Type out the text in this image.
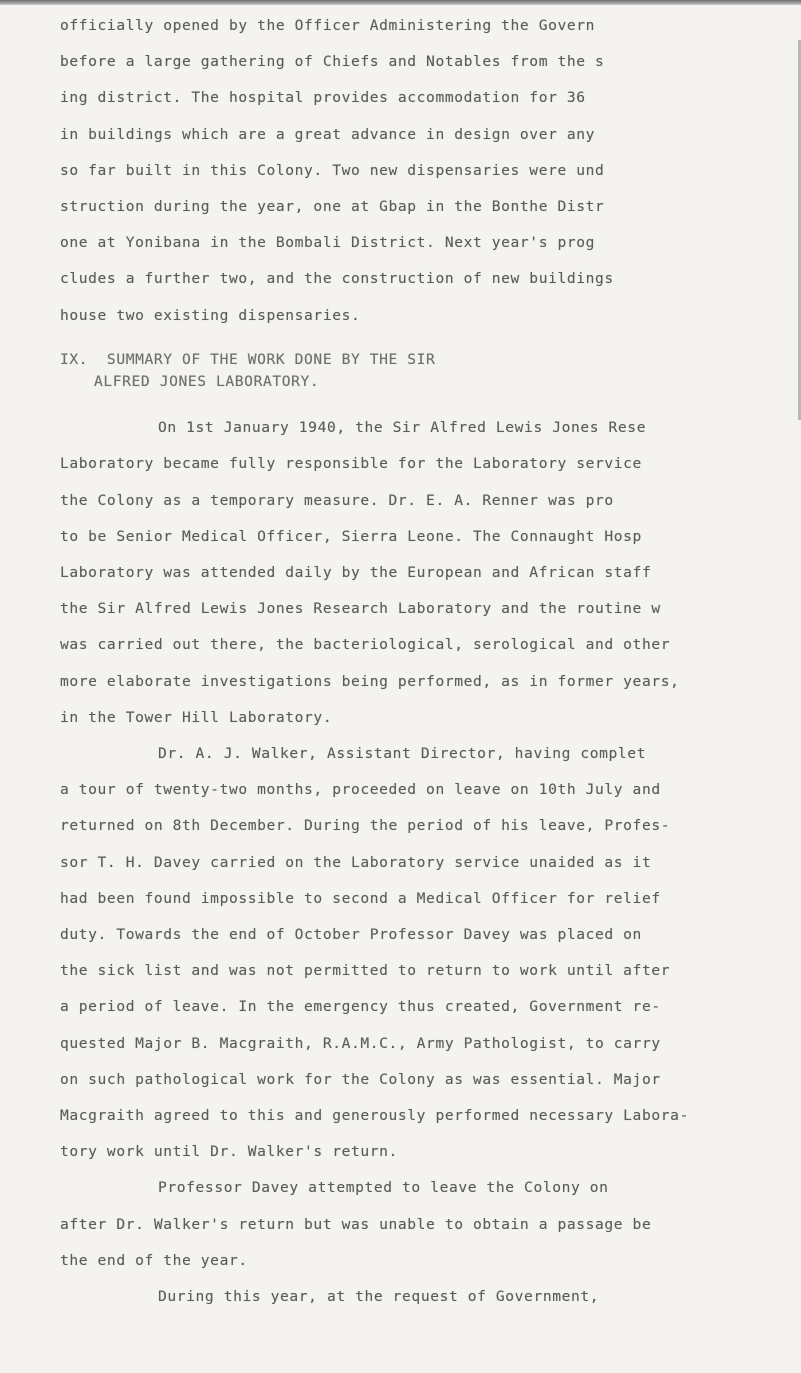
officially opened by the Officer Administering the Govern
before a large gathering of Chiefs and Notables from the s
ing district. The hospital provides accommodation for 36
in buildings which are a great advance in design over any
so far built in this Colony. Two new dispensaries were und
struction during the year, one at Gbap in the Bonthe Distr
one at Yonibana in the Bombali District. Next year's prog
cludes a further two, and the construction of new buildings
house two existing dispensaries.
IX.  SUMMARY OF THE WORK DONE BY THE SIR
ALFRED JONES LABORATORY.
On 1st January 1940, the Sir Alfred Lewis Jones Rese
Laboratory became fully responsible for the Laboratory service
the Colony as a temporary measure. Dr. E. A. Renner was pro
to be Senior Medical Officer, Sierra Leone. The Connaught Hosp
Laboratory was attended daily by the European and African staff
the Sir Alfred Lewis Jones Research Laboratory and the routine w
was carried out there, the bacteriological, serological and other
more elaborate investigations being performed, as in former years,
in the Tower Hill Laboratory.
Dr. A. J. Walker, Assistant Director, having complet
a tour of twenty-two months, proceeded on leave on 10th July and
returned on 8th December. During the period of his leave, Profes-
sor T. H. Davey carried on the Laboratory service unaided as it
had been found impossible to second a Medical Officer for relief
duty. Towards the end of October Professor Davey was placed on
the sick list and was not permitted to return to work until after
a period of leave. In the emergency thus created, Government re-
quested Major B. Macgraith, R.A.M.C., Army Pathologist, to carry
on such pathological work for the Colony as was essential. Major
Macgraith agreed to this and generously performed necessary Labora-
tory work until Dr. Walker's return.
Professor Davey attempted to leave the Colony on
after Dr. Walker's return but was unable to obtain a passage be
the end of the year.
During this year, at the request of Government,
